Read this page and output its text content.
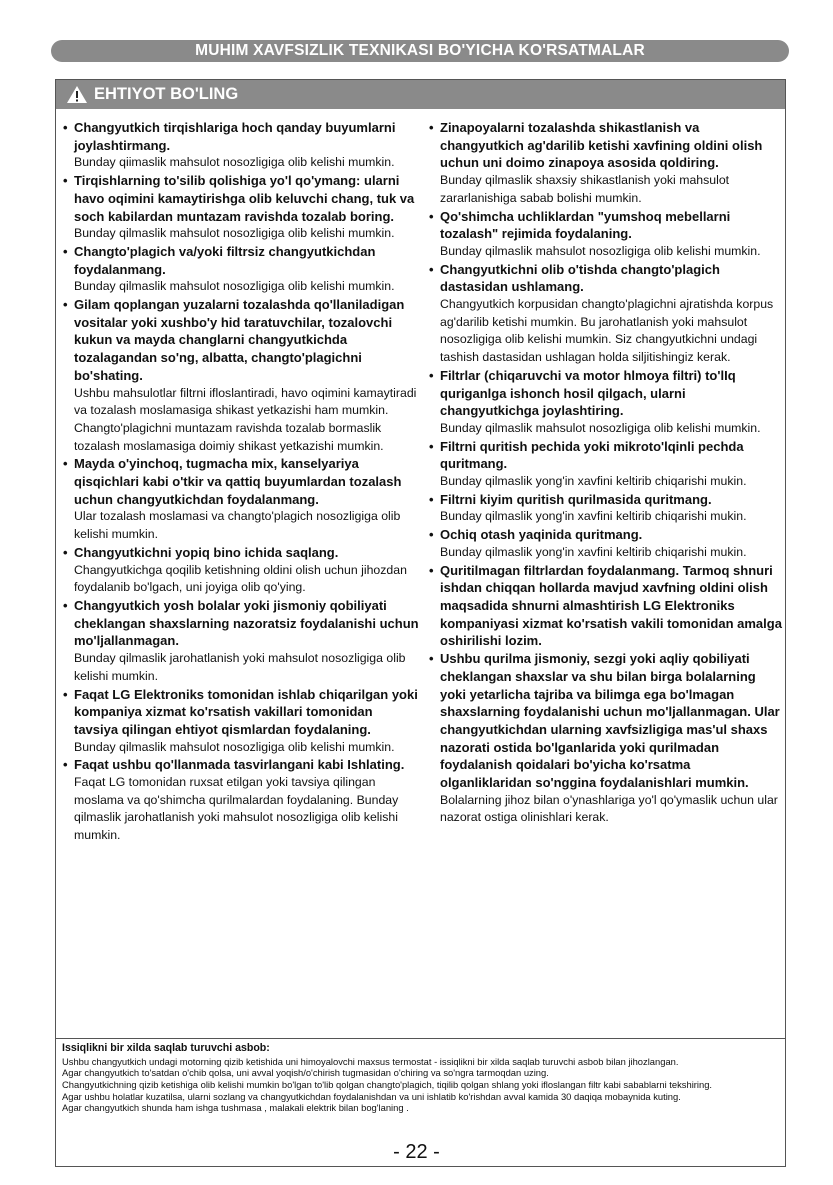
MUHIM XAVFSIZLIK TEXNIKASI BO'YICHA KO'RSATMALAR
EHTIYOT BO'LING
• Changyutkich tirqishlariga hoch qanday buyumlarni joylashtirmang.
Bunday qiimaslik mahsulot nosozligiga olib kelishi mumkin.
• Tirqishlarning to'silib qolishiga yo'l qo'ymang: ularni havo oqimini kamaytirishga olib keluvchi chang, tuk va soch kabilardan muntazam ravishda tozalab boring.
Bunday qilmaslik mahsulot nosozligiga olib kelishi mumkin.
• Changto'plagich va/yoki filtrsiz changyutkichdan foydalanmang.
Bunday qilmaslik mahsulot nosozligiga olib kelishi mumkin.
• Gilam qoplangan yuzalarni tozalashda qo'llaniladigan vositalar yoki xushbo'y hid taratuvchilar, tozalovchi kukun va mayda changlarni changyutkichda tozalagandan so'ng, albatta, changto'plagichni bo'shating.
Ushbu mahsulotlar filtrni ifloslantiradi, havo oqimini kamaytiradi va tozalash moslamasiga shikast yetkazishi ham mumkin. Changto'plagichni muntazam ravishda tozalab bormaslik tozalash moslamasiga doimiy shikast yetkazishi mumkin.
• Mayda o'yinchoq, tugmacha mix, kanselyariya qisqichlari kabi o'tkir va qattiq buyumlardan tozalash uchun changyutkichdan foydalanmang.
Ular tozalash moslamasi va changto'plagich nosozligiga olib kelishi mumkin.
• Changyutkichni yopiq bino ichida saqlang.
Changyutkichga qoqilib ketishning oldini olish uchun jihozdan foydalanib bo'lgach, uni joyiga olib qo'ying.
• Changyutkich yosh bolalar yoki jismoniy qobiliyati cheklangan shaxslarning nazoratsiz foydalanishi uchun mo'ljallanmagan.
Bunday qilmaslik jarohatlanish yoki mahsulot nosozligiga olib kelishi mumkin.
• Faqat LG Elektroniks tomonidan ishlab chiqarilgan yoki kompaniya xizmat ko'rsatish vakillari tomonidan tavsiya qilingan ehtiyot qismlardan foydalaning.
Bunday qilmaslik mahsulot nosozligiga olib kelishi mumkin.
• Faqat ushbu qo'llanmada tasvirlangani kabi Ishlating.
Faqat LG tomonidan ruxsat etilgan yoki tavsiya qilingan moslama va qo'shimcha qurilmalardan foydalaning. Bunday qilmaslik jarohatlanish yoki mahsulot nosozligiga olib kelishi mumkin.
• Zinapoyalarni tozalashda shikastlanish va changyutkich ag'darilib ketishi xavfining oldini olish uchun uni doimo zinapoya asosida qoldiring.
Bunday qilmaslik shaxsiy shikastlanish yoki mahsulot zararlanishiga sabab bolishi mumkin.
• Qo'shimcha uchliklardan "yumshoq mebellarni tozalash" rejimida foydalaning.
Bunday qilmaslik mahsulot nosozligiga olib kelishi mumkin.
• Changyutkichni olib o'tishda changto'plagich dastasidan ushlamang.
Changyutkich korpusidan changto'plagichni ajratishda korpus ag'darilib ketishi mumkin. Bu jarohatlanish yoki mahsulot nosozligiga olib kelishi mumkin. Siz changyutkichni undagi tashish dastasidan ushlagan holda siljitishingiz kerak.
• Filtrlar (chiqaruvchi va motor hlmoya filtri) to'lIq quriganlga ishonch hosil qilgach, ularni changyutkichga joylashtiring.
Bunday qilmaslik mahsulot nosozligiga olib kelishi mumkin.
• Filtrni quritish pechida yoki mikroto'lqinli pechda quritmang.
Bunday qilmaslik yong'in xavfini keltirib chiqarishi mukin.
• Filtrni kiyim quritish qurilmasida quritmang.
Bunday qilmaslik yong'in xavfini keltirib chiqarishi mukin.
• Ochiq otash yaqinida quritmang.
Bunday qilmaslik yong'in xavfini keltirib chiqarishi mukin.
• Quritilmagan filtrlardan foydalanmang. Tarmoq shnuri ishdan chiqqan hollarda mavjud xavfning oldini olish maqsadida shnurni almashtirish LG Elektroniks kompaniyasi xizmat ko'rsatish vakili tomonidan amalga oshirilishi lozim.
• Ushbu qurilma jismoniy, sezgi yoki aqliy qobiliyati cheklangan shaxslar va shu bilan birga bolalarning yoki yetarlicha tajriba va bilimga ega bo'lmagan shaxslarning foydalanishi uchun mo'ljallanmagan. Ular changyutkichdan ularning xavfsizligiga mas'ul shaxs nazorati ostida bo'lganlarida yoki qurilmadan foydalanish qoidalari bo'yicha ko'rsatma olganliklaridan so'nggina foydalanishlari mumkin.
Bolalarning jihoz bilan o'ynashlariga yo'l qo'ymaslik uchun ular nazorat ostiga olinishlari kerak.
Issiqlikni bir xilda saqlab turuvchi asbob:
Ushbu changyutkich undagi motorning qizib ketishida uni himoyalovchi maxsus termostat - issiqlikni bir xilda saqlab turuvchi asbob bilan jihozlangan.
Agar changyutkich to'satdan o'chib qolsa, uni avval yoqish/o'chirish tugmasidan o'chiring va so'ngra tarmoqdan uzing.
Changyutkichning qizib ketishiga olib kelishi mumkin bo'lgan to'lib qolgan changto'plagich, tiqilib qolgan shlang yoki ifloslangan filtr kabi sabablarni tekshiring.
Agar ushbu holatlar kuzatilsa, ularni sozlang va changyutkichdan foydalanishdan va uni ishlatib ko'rishdan avval kamida 30 daqiqa mobaynida kuting.
Agar changyutkich shunda ham ishga tushmasa , malakali elektrik bilan bog'laning .
- 22 -
